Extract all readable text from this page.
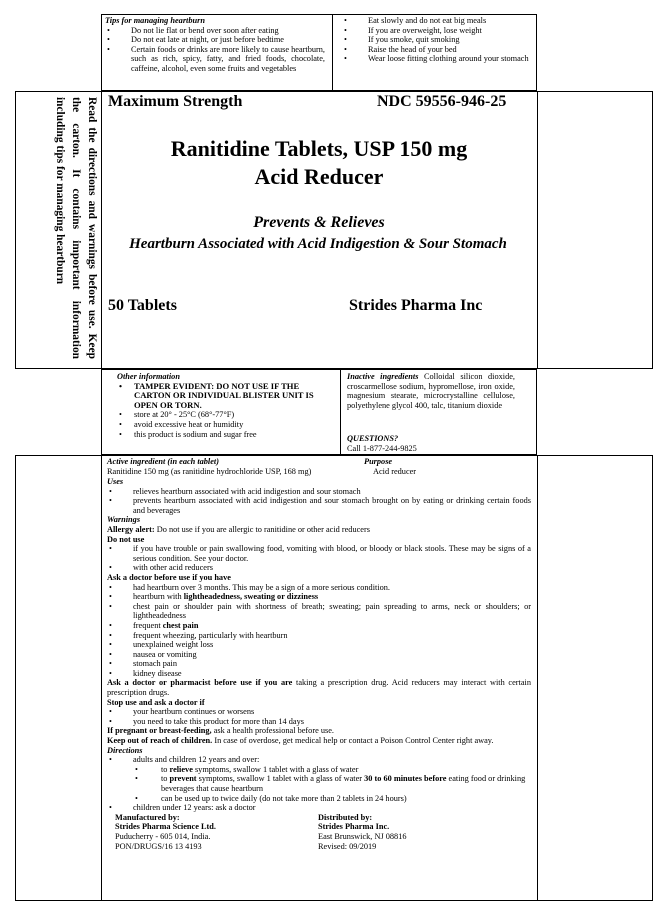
Tips for managing heartburn
• Do not lie flat or bend over soon after eating
• Do not eat late at night, or just before bedtime
• Certain foods or drinks are more likely to cause heartburn, such as rich, spicy, fatty, and fried foods, chocolate, caffeine, alcohol, even some fruits and vegetables
• Eat slowly and do not eat big meals
• If you are overweight, lose weight
• If you smoke, quit smoking
• Raise the head of your bed
• Wear loose fitting clothing around your stomach
Read the directions and warnings before use. Keep the carton. It contains important information including tips for managing heartburn	Maximum Strength	NDC 59556-946-25
Ranitidine Tablets, USP 150 mg
Acid Reducer
Prevents & Relieves
Heartburn Associated with Acid Indigestion & Sour Stomach
50 Tablets	Strides Pharma Inc
Other information
• TAMPER EVIDENT: DO NOT USE IF THE CARTON OR INDIVIDUAL BLISTER UNIT IS OPEN OR TORN.
• store at 20° - 25°C (68°-77°F)
• avoid excessive heat or humidity
• this product is sodium and sugar free
Inactive ingredients Colloidal silicon dioxide, croscarmellose sodium, hypromellose, iron oxide, magnesium stearate, microcrystalline cellulose, polyethylene glycol 400, talc, titanium dioxide
QUESTIONS?
Call 1-877-244-9825
Active ingredient (in each tablet)
Ranitidine 150 mg (as ranitidine hydrochloride USP, 168 mg)
Purpose
Acid reducer
Uses
• relieves heartburn associated with acid indigestion and sour stomach
• prevents heartburn associated with acid indigestion and sour stomach brought on by eating or drinking certain foods and beverages
Warnings
Allergy alert: Do not use if you are allergic to ranitidine or other acid reducers
Do not use
• if you have trouble or pain swallowing food, vomiting with blood, or bloody or black stools. These may be signs of a serious condition. See your doctor.
• with other acid reducers
Ask a doctor before use if you have
• had heartburn over 3 months. This may be a sign of a more serious condition.
• heartburn with lightheadedness, sweating or dizziness
• chest pain or shoulder pain with shortness of breath; sweating; pain spreading to arms, neck or shoulders; or lightheadedness
• frequent chest pain
• frequent wheezing, particularly with heartburn
• unexplained weight loss
• nausea or vomiting
• stomach pain
• kidney disease
Ask a doctor or pharmacist before use if you are taking a prescription drug. Acid reducers may interact with certain prescription drugs.
Stop use and ask a doctor if
• your heartburn continues or worsens
• you need to take this product for more than 14 days
If pregnant or breast-feeding, ask a health professional before use.
Keep out of reach of children. In case of overdose, get medical help or contact a Poison Control Center right away.
Directions
• adults and children 12 years and over:
• to relieve symptoms, swallow 1 tablet with a glass of water
• to prevent symptoms, swallow 1 tablet with a glass of water 30 to 60 minutes before eating food or drinking beverages that cause heartburn
• can be used up to twice daily (do not take more than 2 tablets in 24 hours)
• children under 12 years: ask a doctor
Manufactured by:
Strides Pharma Science Ltd.
Puducherry - 605 014, India.
PON/DRUGS/16 13 4193
Distributed by:
Strides Pharma Inc.
East Brunswick, NJ 08816
Revised: 09/2019
